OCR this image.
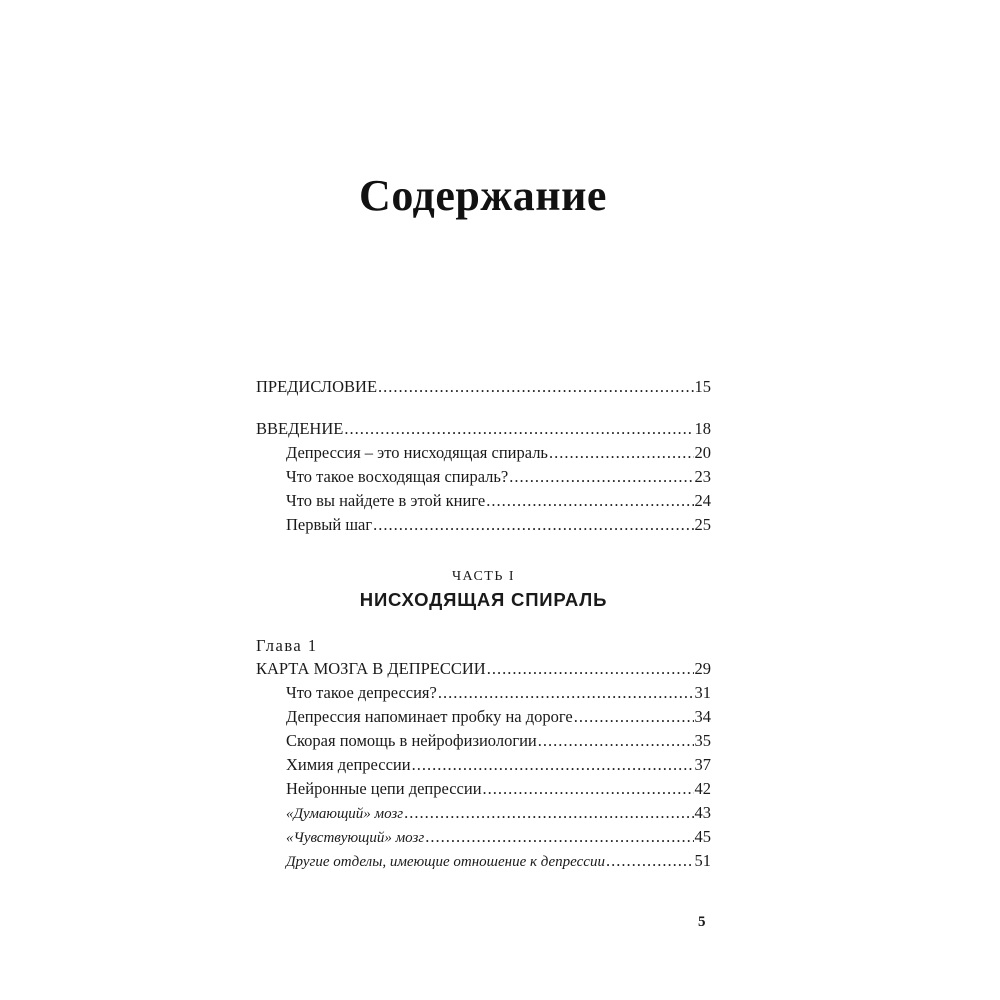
Содержание
ПРЕДИСЛОВИЕ .....	15
ВВЕДЕНИЕ .....	18
Депрессия – это нисходящая спираль .....	20
Что такое восходящая спираль? .....	23
Что вы найдете в этой книге .....	24
Первый шаг .....	25
ЧАСТЬ I
НИСХОДЯЩАЯ СПИРАЛЬ
Глава 1
КАРТА МОЗГА В ДЕПРЕССИИ .....	29
Что такое депрессия? .....	31
Депрессия напоминает пробку на дороге .....	34
Скорая помощь в нейрофизиологии .....	35
Химия депрессии .....	37
Нейронные цепи депрессии .....	42
«Думающий» мозг .....	43
«Чувствующий» мозг .....	45
Другие отделы, имеющие отношение к депрессии .....	51
5
